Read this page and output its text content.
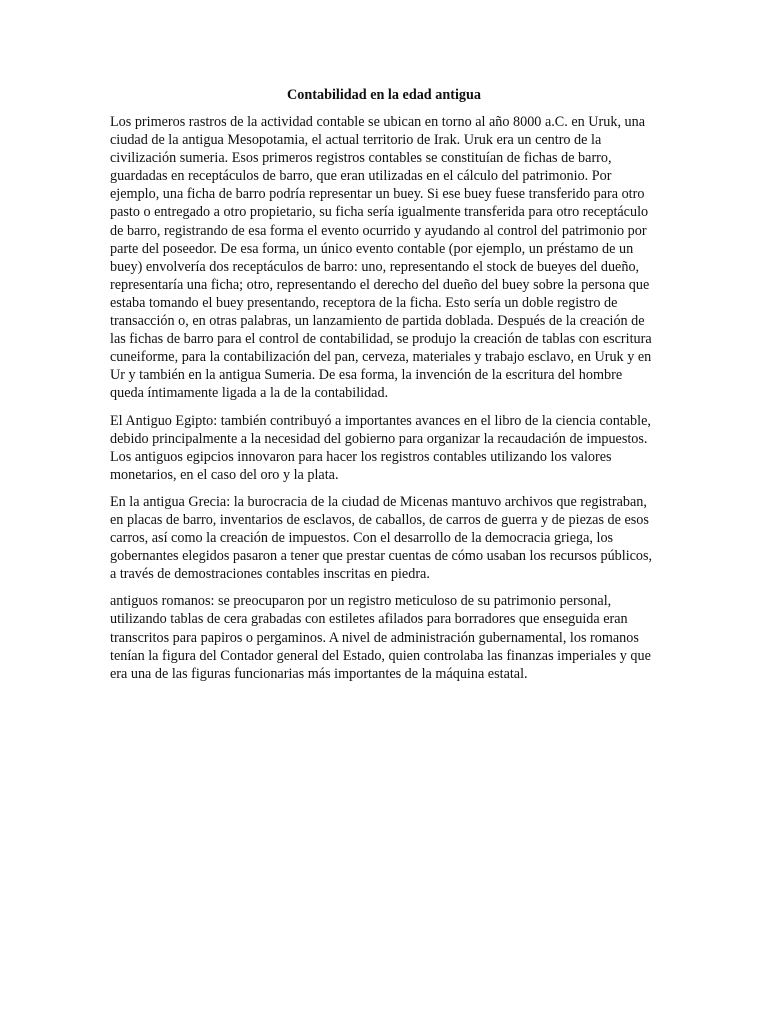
Contabilidad en la edad antigua

Los primeros rastros de la actividad contable se ubican en torno al año 8000 a.C. en Uruk, una ciudad de la antigua Mesopotamia, el actual territorio de Irak. Uruk era un centro de la civilización sumeria. Esos primeros registros contables se constituían de fichas de barro, guardadas en receptáculos de barro, que eran utilizadas en el cálculo del patrimonio. Por ejemplo, una ficha de barro podría representar un buey. Si ese buey fuese transferido para otro pasto o entregado a otro propietario, su ficha sería igualmente transferida para otro receptáculo de barro, registrando de esa forma el evento ocurrido y ayudando al control del patrimonio por parte del poseedor. De esa forma, un único evento contable (por ejemplo, un préstamo de un buey) envolvería dos receptáculos de barro: uno, representando el stock de bueyes del dueño, representaría una ficha; otro, representando el derecho del dueño del buey sobre la persona que estaba tomando el buey presentando, receptora de la ficha. Esto sería un doble registro de transacción o, en otras palabras, un lanzamiento de partida doblada. Después de la creación de las fichas de barro para el control de contabilidad, se produjo la creación de tablas con escritura cuneiforme, para la contabilización del pan, cerveza, materiales y trabajo esclavo, en Uruk y en Ur y también en la antigua Sumeria. De esa forma, la invención de la escritura del hombre queda íntimamente ligada a la de la contabilidad.

El Antiguo Egipto: también contribuyó a importantes avances en el libro de la ciencia contable, debido principalmente a la necesidad del gobierno para organizar la recaudación de impuestos. Los antiguos egipcios innovaron para hacer los registros contables utilizando los valores monetarios, en el caso del oro y la plata.

En la antigua Grecia: la burocracia de la ciudad de Micenas mantuvo archivos que registraban, en placas de barro, inventarios de esclavos, de caballos, de carros de guerra y de piezas de esos carros, así como la creación de impuestos. Con el desarrollo de la democracia griega, los gobernantes elegidos pasaron a tener que prestar cuentas de cómo usaban los recursos públicos, a través de demostraciones contables inscritas en piedra.

antiguos romanos: se preocuparon por un registro meticuloso de su patrimonio personal, utilizando tablas de cera grabadas con estiletes afilados para borradores que enseguida eran transcritos para papiros o pergaminos. A nivel de administración gubernamental, los romanos tenían la figura del Contador general del Estado, quien controlaba las finanzas imperiales y que era una de las figuras funcionarias más importantes de la máquina estatal.
